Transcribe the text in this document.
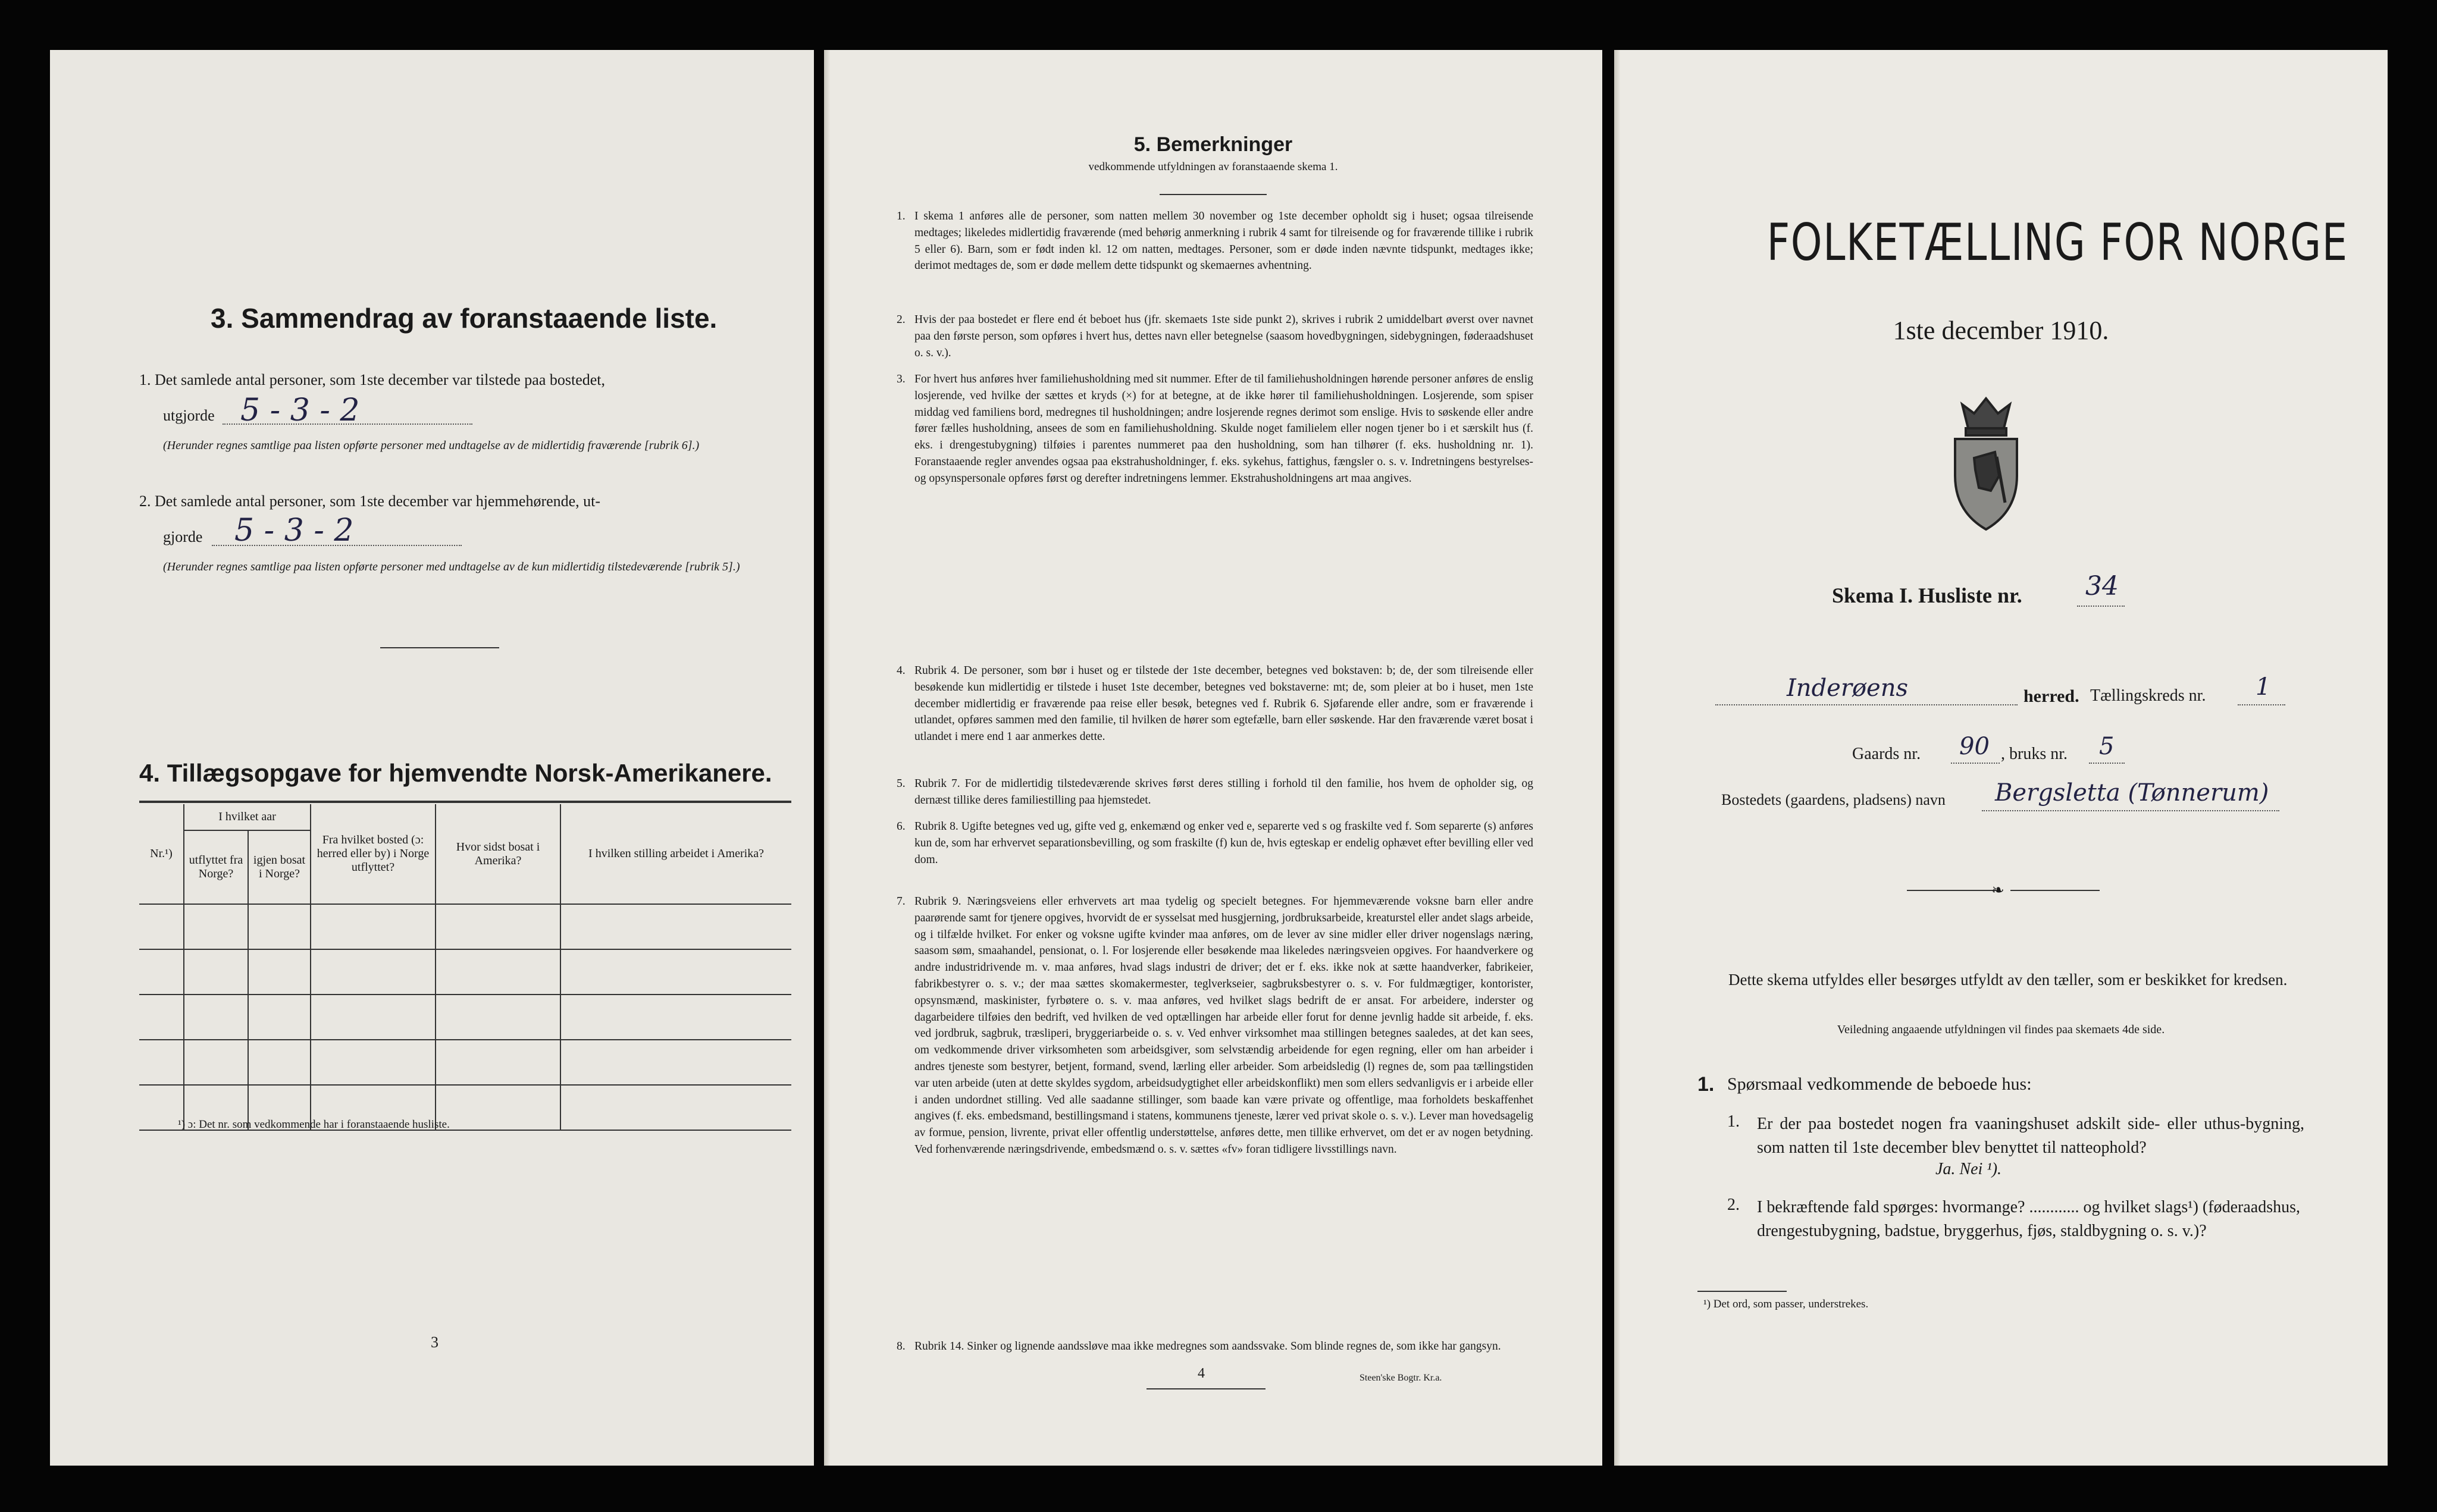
3. Sammendrag av foranstaaende liste.
1. Det samlede antal personer, som 1ste december var tilstede paa bostedet,
utgjorde 5 - 3 - 2
(Herunder regnes samtlige paa listen opførte personer med undtagelse av de midlertidig fraværende [rubrik 6].)
2. Det samlede antal personer, som 1ste december var hjemmehørende, ut-
gjorde 5 - 3 - 2
(Herunder regnes samtlige paa listen opførte personer med undtagelse av de kun midlertidig tilstedeværende [rubrik 5].)
4. Tillægsopgave for hjemvendte Norsk-Amerikanere.
Nr.¹)	I hvilket aar		Fra hvilket bosted (ɔ: herred eller by) i Norge utflyttet?	Hvor sidst bosat i Amerika?	I hvilken stilling arbeidet i Amerika?
	utflyttet fra Norge?	igjen bosat i Norge?			

¹) ɔ: Det nr. som vedkommende har i foranstaaende husliste.
3
5. Bemerkninger
vedkommende utfyldningen av foranstaaende skema 1.
1. I skema 1 anføres alle de personer, som natten mellem 30 november og 1ste december opholdt sig i huset; ogsaa tilreisende medtages; likeledes midlertidig fraværende (med behørig anmerkning i rubrik 4 samt for tilreisende og for fraværende tillike i rubrik 5 eller 6). Barn, som er født inden kl. 12 om natten, medtages. Personer, som er døde inden nævnte tidspunkt, medtages ikke; derimot medtages de, som er døde mellem dette tidspunkt og skemaernes avhentning.

2. Hvis der paa bostedet er flere end ét beboet hus (jfr. skemaets 1ste side punkt 2), skrives i rubrik 2 umiddelbart øverst over navnet paa den første person, som opføres i hvert hus, dettes navn eller betegnelse (saasom hovedbygningen, sidebygningen, føderaadshuset o. s. v.).

3. For hvert hus anføres hver familiehusholdning med sit nummer. Efter de til familiehusholdningen hørende personer anføres de enslig losjerende, ved hvilke der sættes et kryds (×) for at betegne, at de ikke hører til familiehusholdningen. Losjerende, som spiser middag ved familiens bord, medregnes til husholdningen; andre losjerende regnes derimot som enslige. Hvis to søskende eller andre fører fælles husholdning, ansees de som en familiehusholdning. Skulde noget familielem eller nogen tjener bo i et særskilt hus (f. eks. i drengestubygning) tilføies i parentes nummeret paa den husholdning, som han tilhører (f. eks. husholdning nr. 1). Foranstaaende regler anvendes ogsaa paa ekstrahusholdninger, f. eks. sykehus, fattighus, fængsler o. s. v. Indretningens bestyrelses- og opsynspersonale opføres først og derefter indretningens lemmer. Ekstrahusholdningens art maa angives.

4. Rubrik 4. De personer, som bør i huset og er tilstede der 1ste december, betegnes ved bokstaven: b; de, der som tilreisende eller besøkende kun midlertidig er tilstede i huset 1ste december, betegnes ved bokstaverne: mt; de, som pleier at bo i huset, men 1ste december midlertidig er fraværende paa reise eller besøk, betegnes ved f. Rubrik 6. Sjøfarende eller andre, som er fraværende i utlandet, opføres sammen med den familie, til hvilken de hører som egtefælle, barn eller søskende. Har den fraværende været bosat i utlandet i mere end 1 aar anmerkes dette.

5. Rubrik 7. For de midlertidig tilstedeværende skrives først deres stilling i forhold til den familie, hos hvem de opholder sig, og dernæst tillike deres familiestilling paa hjemstedet.

6. Rubrik 8. Ugifte betegnes ved ug, gifte ved g, enkemænd og enker ved e, separerte ved s og fraskilte ved f. Som separerte (s) anføres kun de, som har erhvervet separationsbevilling, og som fraskilte (f) kun de, hvis egteskap er endelig ophævet efter bevilling eller ved dom.

7. Rubrik 9. Næringsveiens eller erhvervets art maa tydelig og specielt betegnes. For hjemmeværende voksne barn eller andre paarørende samt for tjenere opgives, hvorvidt de er sysselsat med husgjerning, jordbruksarbeide, kreaturstel eller andet slags arbeide, og i tilfælde hvilket. For enker og voksne ugifte kvinder maa anføres, om de lever av sine midler eller driver nogenslags næring, saasom søm, smaahandel, pensionat, o. l. For losjerende eller besøkende maa likeledes næringsveien opgives. For haandverkere og andre industridrivende m. v. maa anføres, hvad slags industri de driver; det er f. eks. ikke nok at sætte haandverker, fabrikeier, fabrikbestyrer o. s. v.; der maa sættes skomakermester, teglverkseier, sagbruksbestyrer o. s. v. For fuldmægtiger, kontorister, opsynsmænd, maskinister, fyrbøtere o. s. v. maa anføres, ved hvilket slags bedrift de er ansat. For arbeidere, inderster og dagarbeidere tilføies den bedrift, ved hvilken de ved optællingen har arbeide eller forut for denne jevnlig hadde sit arbeide, f. eks. ved jordbruk, sagbruk, træsliperi, bryggeriarbeide o. s. v. Ved enhver virksomhet maa stillingen betegnes saaledes, at det kan sees, om vedkommende driver virksomheten som arbeidsgiver, som selvstændig arbeidende for egen regning, eller om han arbeider i andres tjeneste som bestyrer, betjent, formand, svend, lærling eller arbeider. Som arbeidsledig (l) regnes de, som paa tællingstiden var uten arbeide (uten at dette skyldes sygdom, arbeidsudygtighet eller arbeidskonflikt) men som ellers sedvanligvis er i arbeide eller i anden undordnet stilling. Ved alle saadanne stillinger, som baade kan være private og offentlige, maa forholdets beskaffenhet angives (f. eks. embedsmand, bestillingsmand i statens, kommunens tjeneste, lærer ved privat skole o. s. v.). Lever man hovedsagelig av formue, pension, livrente, privat eller offentlig understøttelse, anføres dette, men tillike erhvervet, om det er av nogen betydning. Ved forhenværende næringsdrivende, embedsmænd o. s. v. sættes «fv» foran tidligere livsstillings navn.

8. Rubrik 14. Sinker og lignende aandssløve maa ikke medregnes som aandssvake. Som blinde regnes de, som ikke har gangsyn.

4	Steen'ske Bogtr. Kr.a.
FOLKETÆLLING FOR NORGE
1ste december 1910.
Skema I. Husliste nr. 34
Inderøens	herred. Tællingskreds nr. 1
Gaards nr. 90 , bruks nr. 5
Bostedets (gaardens, pladsens) navn Bergsletta (Tønnerum)
❧
Dette skema utfyldes eller besørges utfyldt av den tæller, som er beskikket for kredsen.
Veiledning angaaende utfyldningen vil findes paa skemaets 4de side.
1. Spørsmaal vedkommende de beboede hus:
1. Er der paa bostedet nogen fra vaaningshuset adskilt side- eller uthus-bygning, som natten til 1ste december blev benyttet til natteophold?
Ja. Nei ¹).
2. I bekræftende fald spørges: hvormange? ............ og hvilket slags¹) (føderaadshus, drengestubygning, badstue, bryggerhus, fjøs, staldbygning o. s. v.)?
¹) Det ord, som passer, understrekes.
